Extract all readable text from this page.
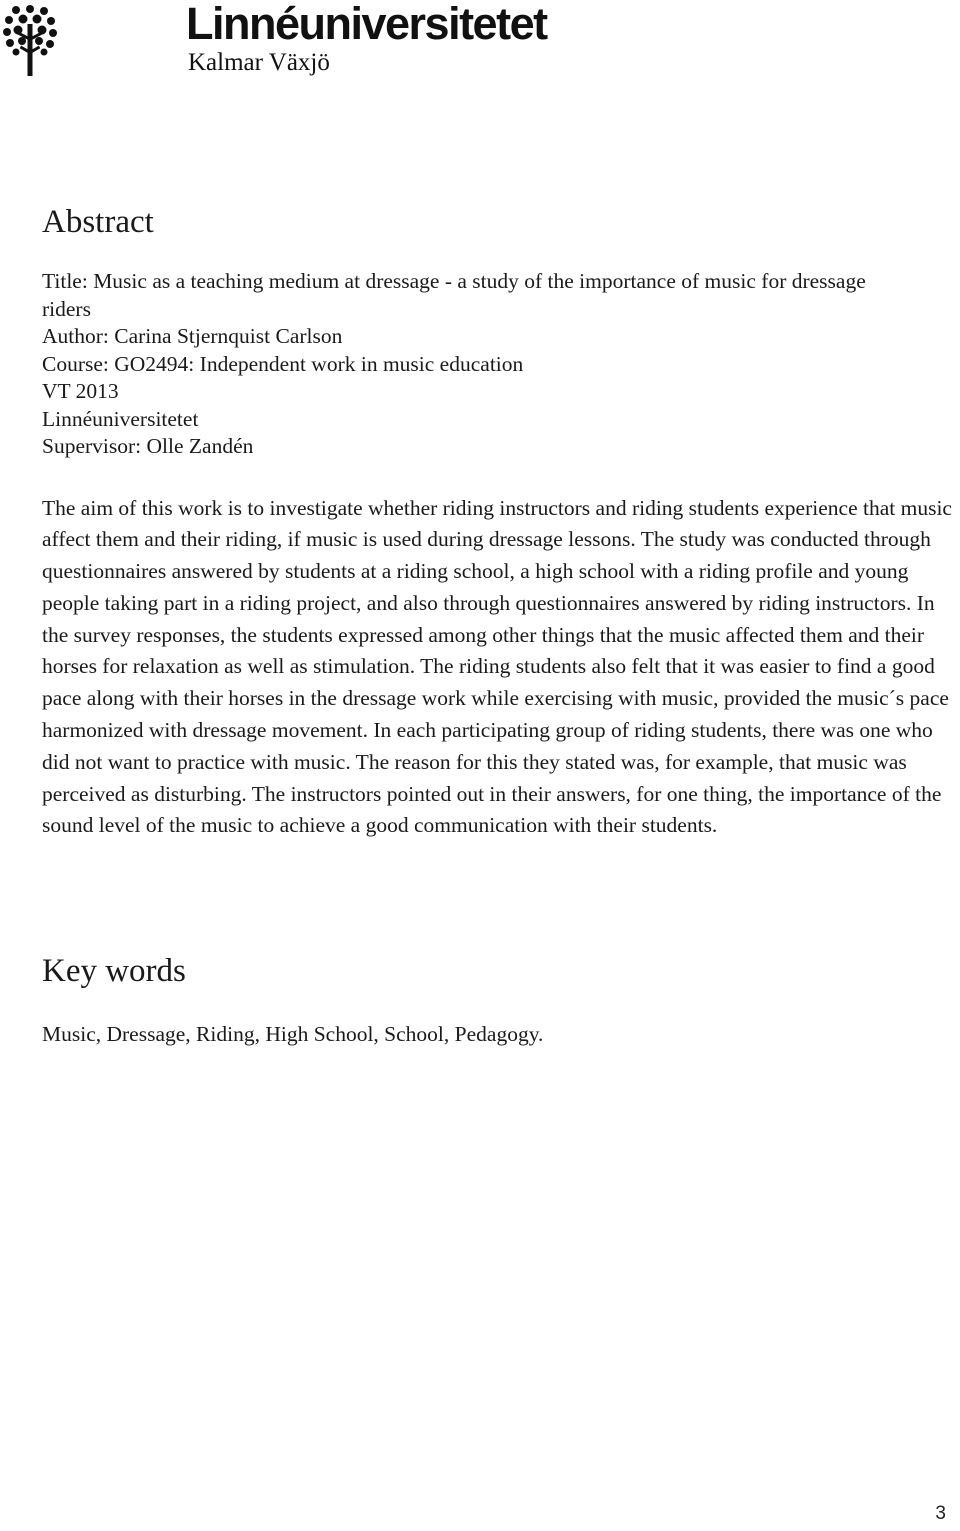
Linnéuniversitetet
Kalmar Växjö
Abstract
Title: Music as a teaching medium at dressage - a study of the importance of music for dressage riders
Author: Carina Stjernquist Carlson
Course: GO2494: Independent work in music education
VT 2013
Linnéuniversitetet
Supervisor: Olle Zandén

The aim of this work is to investigate whether riding instructors and riding students experience that music affect them and their riding, if music is used during dressage lessons. The study was conducted through questionnaires answered by students at a riding school, a high school with a riding profile and young people taking part in a riding project, and also through questionnaires answered by riding instructors. In the survey responses, the students expressed among other things that the music affected them and their horses for relaxation as well as stimulation. The riding students also felt that it was easier to find a good pace along with their horses in the dressage work while exercising with music, provided the music´s pace harmonized with dressage movement. In each participating group of riding students, there was one who did not want to practice with music. The reason for this they stated was, for example, that music was perceived as disturbing. The instructors pointed out in their answers, for one thing, the importance of the sound level of the music to achieve a good communication with their students.

Key words

Music, Dressage, Riding, High School, School, Pedagogy.

3
